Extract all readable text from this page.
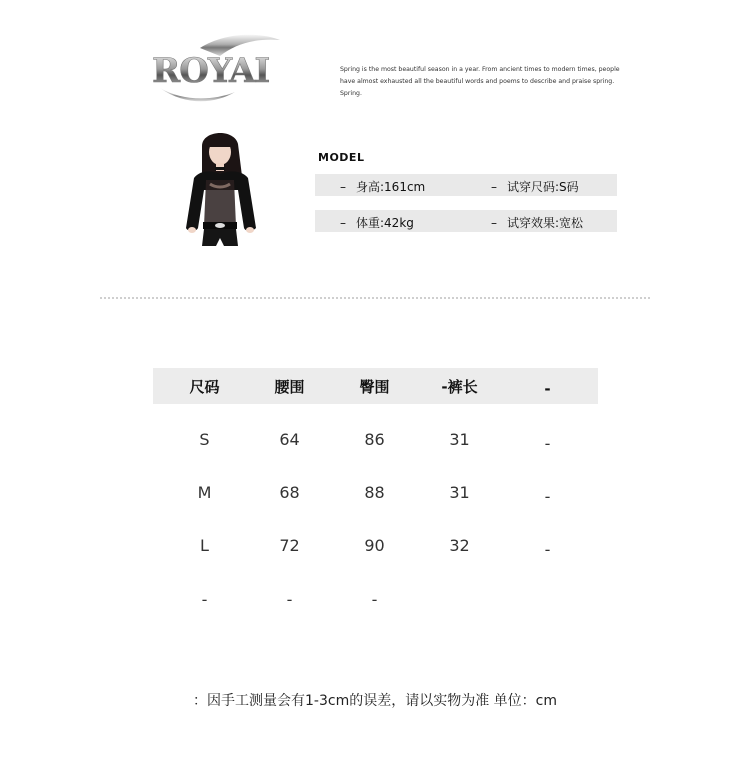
ROYAI	Spring is the most beautiful season in a year. From ancient times to modern times, people have almost exhausted all the beautiful words and poems to describe and praise spring. Spring.
MODEL
– 身高:161cm	– 试穿尺码:S码
– 体重:42kg	– 试穿效果:宽松
尺码	腰围	臀围	-裤长	-
S	64	86	31	-
M	68	88	31	-
L	72	90	32	-
-	-	-
：因手工测量会有1-3cm的误差，请以实物为准 单位：cm
